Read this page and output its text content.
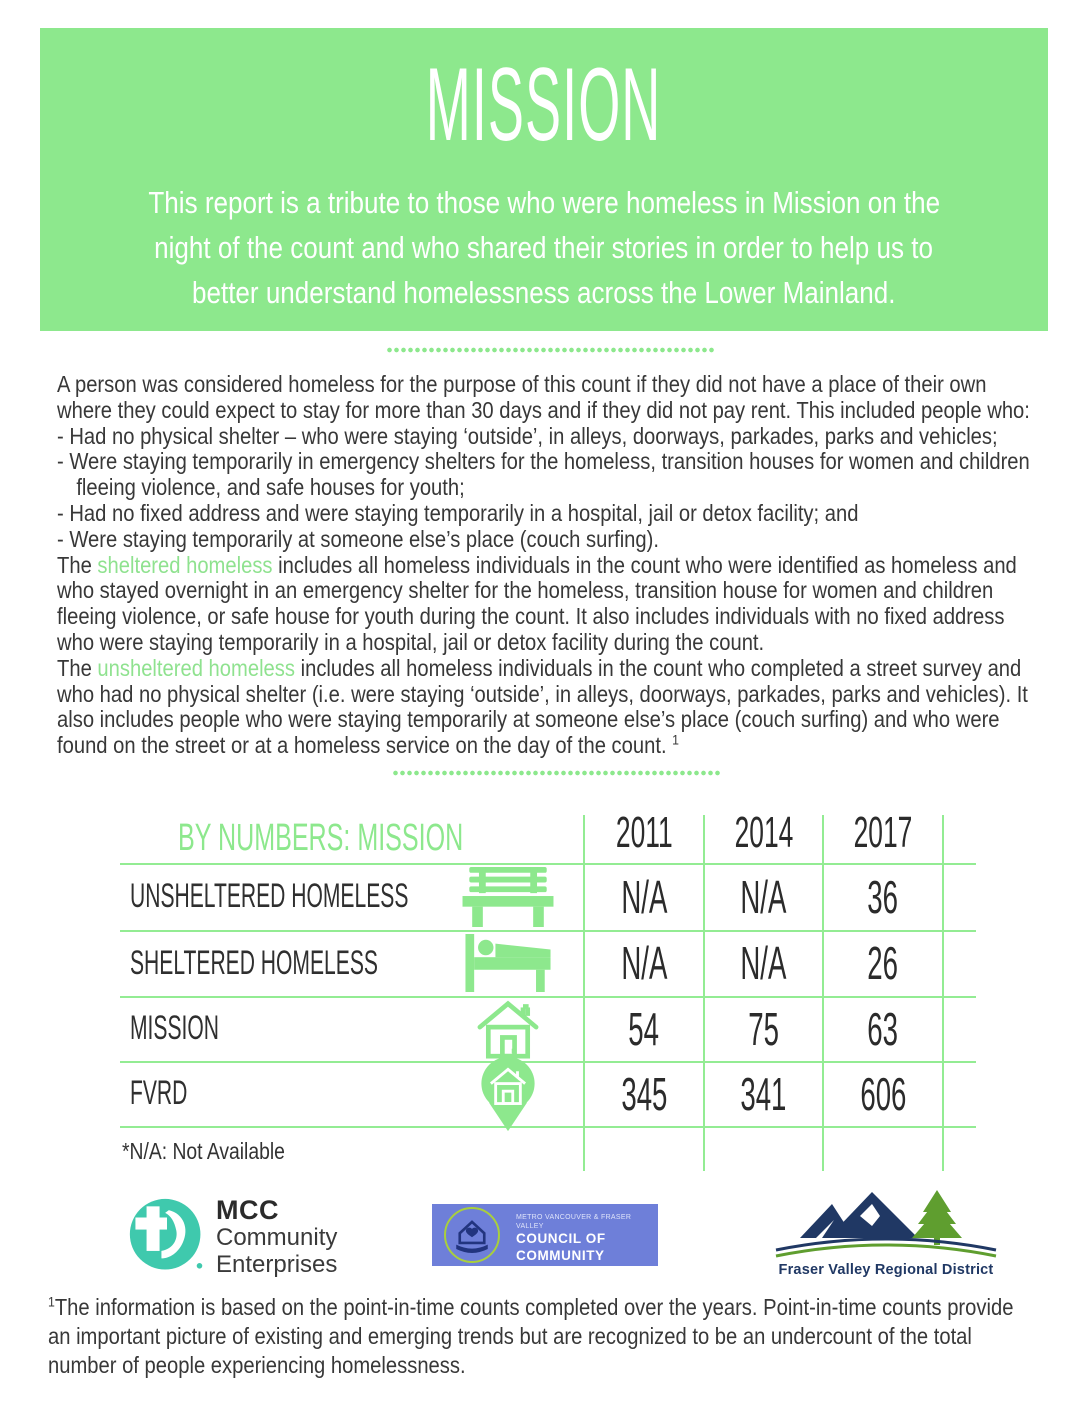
MISSION
This report is a tribute to those who were homeless in Mission on the
night of the count and who shared their stories in order to help us to
better understand homelessness across the Lower Mainland.

A person was considered homeless for the purpose of this count if they did not have a place of their own where they could expect to stay for more than 30 days and if they did not pay rent. This included people who:

- Had no physical shelter – who were staying ‘outside’, in alleys, doorways, parkades, parks and vehicles;

- Were staying temporarily in emergency shelters for the homeless, transition houses for women and children fleeing violence, and safe houses for youth;

- Had no fixed address and were staying temporarily in a hospital, jail or detox facility; and

- Were staying temporarily at someone else’s place (couch surfing).

The sheltered homeless includes all homeless individuals in the count who were identified as homeless and who stayed overnight in an emergency shelter for the homeless, transition house for women and children fleeing violence, or safe house for youth during the count. It also includes individuals with no fixed address who were staying temporarily in a hospital, jail or detox facility during the count.

The unsheltered homeless includes all homeless individuals in the count who completed a street survey and who had no physical shelter (i.e. were staying ‘outside’, in alleys, doorways, parkades, parks and vehicles). It also includes people who were staying temporarily at someone else’s place (couch surfing) and who were found on the street or at a homeless service on the day of the count. $^1$

BY NUMBERS: MISSION	2011 2014 2017
UNSHELTERED HOMELESS	N/A N/A 36
SHELTERED HOMELESS	N/A N/A 26
MISSION	54 75 63
FVRD	345 341 606
*N/A: Not Available
MCC
Community
Enterprises
METRO VANCOUVER & FRASER VALLEY
COUNCIL OF COMMUNITY
HOMELESSNESS TABLES
Fraser Valley Regional District

$^1$The information is based on the point-in-time counts completed over the years. Point-in-time counts provide an important picture of existing and emerging trends but are recognized to be an undercount of the total number of people experiencing homelessness.
